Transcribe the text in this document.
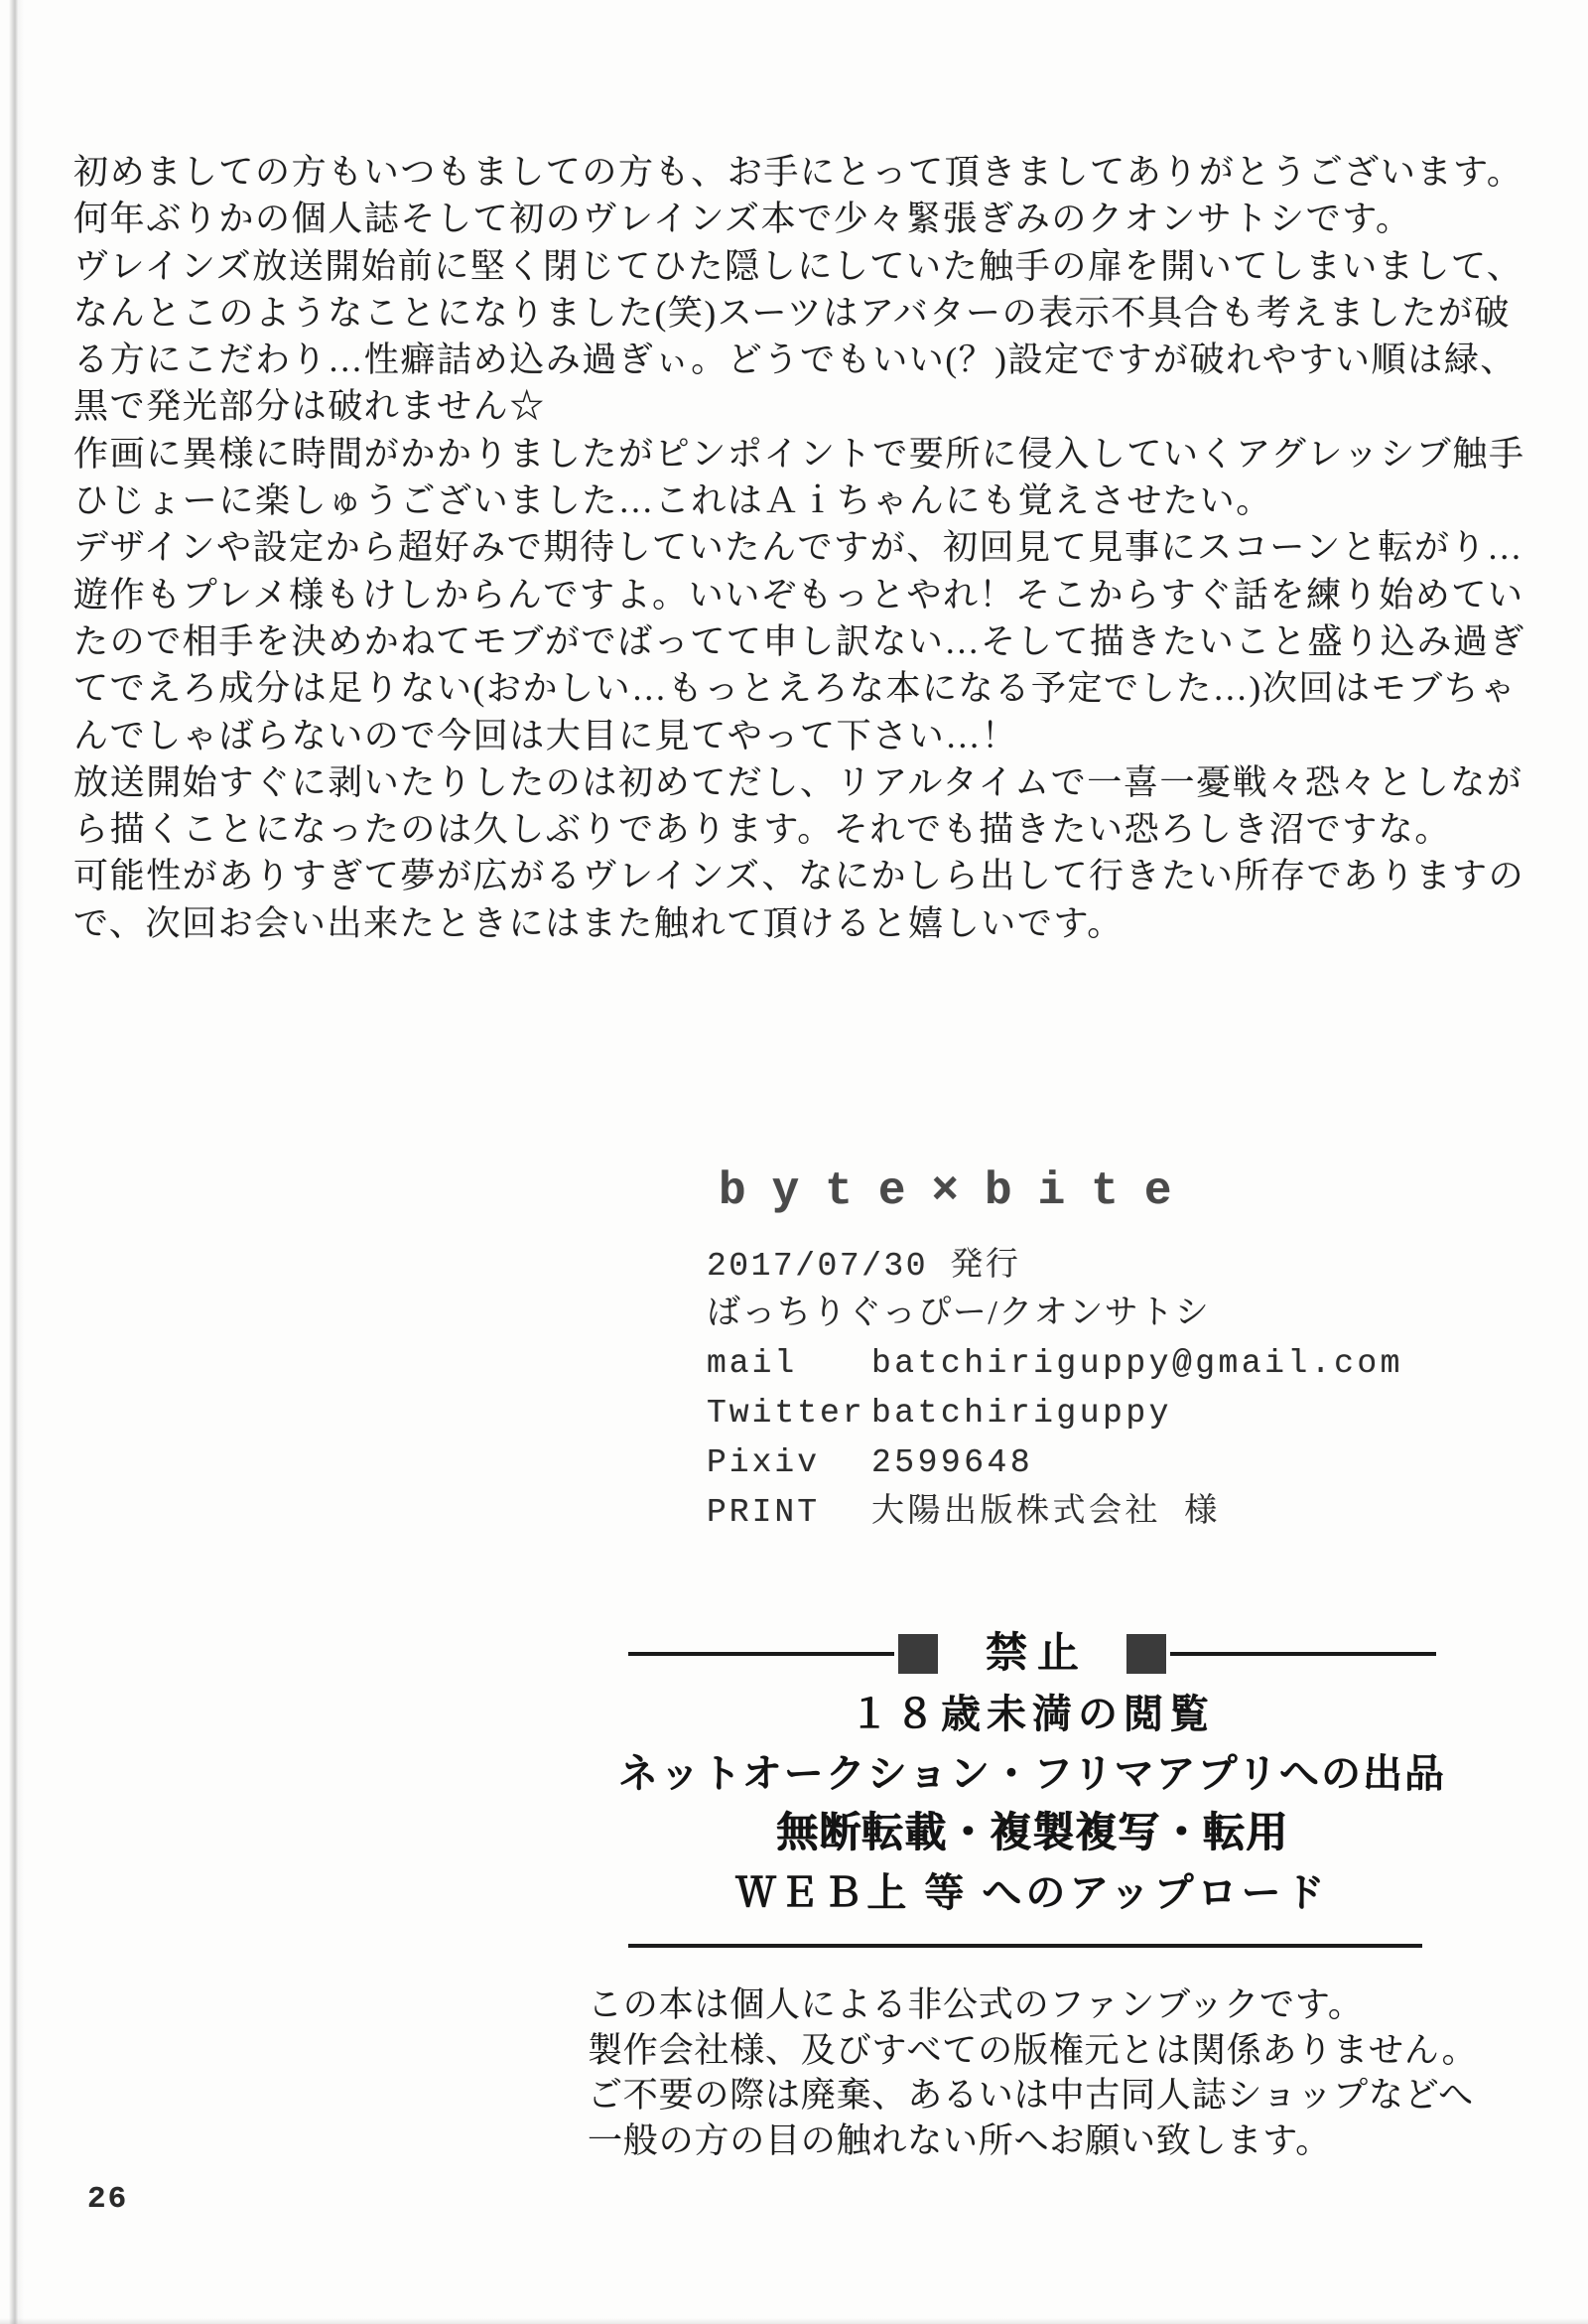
初めましての方もいつもましての方も、お手にとって頂きましてありがとうございます。
何年ぶりかの個人誌そして初のヴレインズ本で少々緊張ぎみのクオンサトシです。
ヴレインズ放送開始前に堅く閉じてひた隠しにしていた触手の扉を開いてしまいまして、
なんとこのようなことになりました(笑)スーツはアバターの表示不具合も考えましたが破
る方にこだわり…性癖詰め込み過ぎぃ。どうでもいい(？)設定ですが破れやすい順は緑、
黒で発光部分は破れません☆
作画に異様に時間がかかりましたがピンポイントで要所に侵入していくアグレッシブ触手
ひじょーに楽しゅうございました…これはＡｉちゃんにも覚えさせたい。
デザインや設定から超好みで期待していたんですが、初回見て見事にスコーンと転がり…
遊作もプレメ様もけしからんですよ。いいぞもっとやれ！そこからすぐ話を練り始めてい
たので相手を決めかねてモブがでばってて申し訳ない…そして描きたいこと盛り込み過ぎ
てでえろ成分は足りない(おかしい…もっとえろな本になる予定でした…)次回はモブちゃ
んでしゃばらないので今回は大目に見てやって下さい…！
放送開始すぐに剥いたりしたのは初めてだし、リアルタイムで一喜一憂戦々恐々としなが
ら描くことになったのは久しぶりであります。それでも描きたい恐ろしき沼ですな。
可能性がありすぎて夢が広がるヴレインズ、なにかしら出して行きたい所存でありますの
で、次回お会い出来たときにはまた触れて頂けると嬉しいです。
byte×bite
2017/07/30 発行
ばっちりぐっぴー/クオンサトシ
mail	batchiriguppy@gmail.com
Twitter batchiriguppy
Pixiv	2599648
PRINT	大陽出版株式会社 様
禁止
１８歳未満の閲覧
ネットオークション・フリマアプリへの出品
無断転載・複製複写・転用
ＷＥＢ上 等 へのアップロード
この本は個人による非公式のファンブックです。
製作会社様、及びすべての版権元とは関係ありません。
ご不要の際は廃棄、あるいは中古同人誌ショップなどへ
一般の方の目の触れない所へお願い致します。
26
